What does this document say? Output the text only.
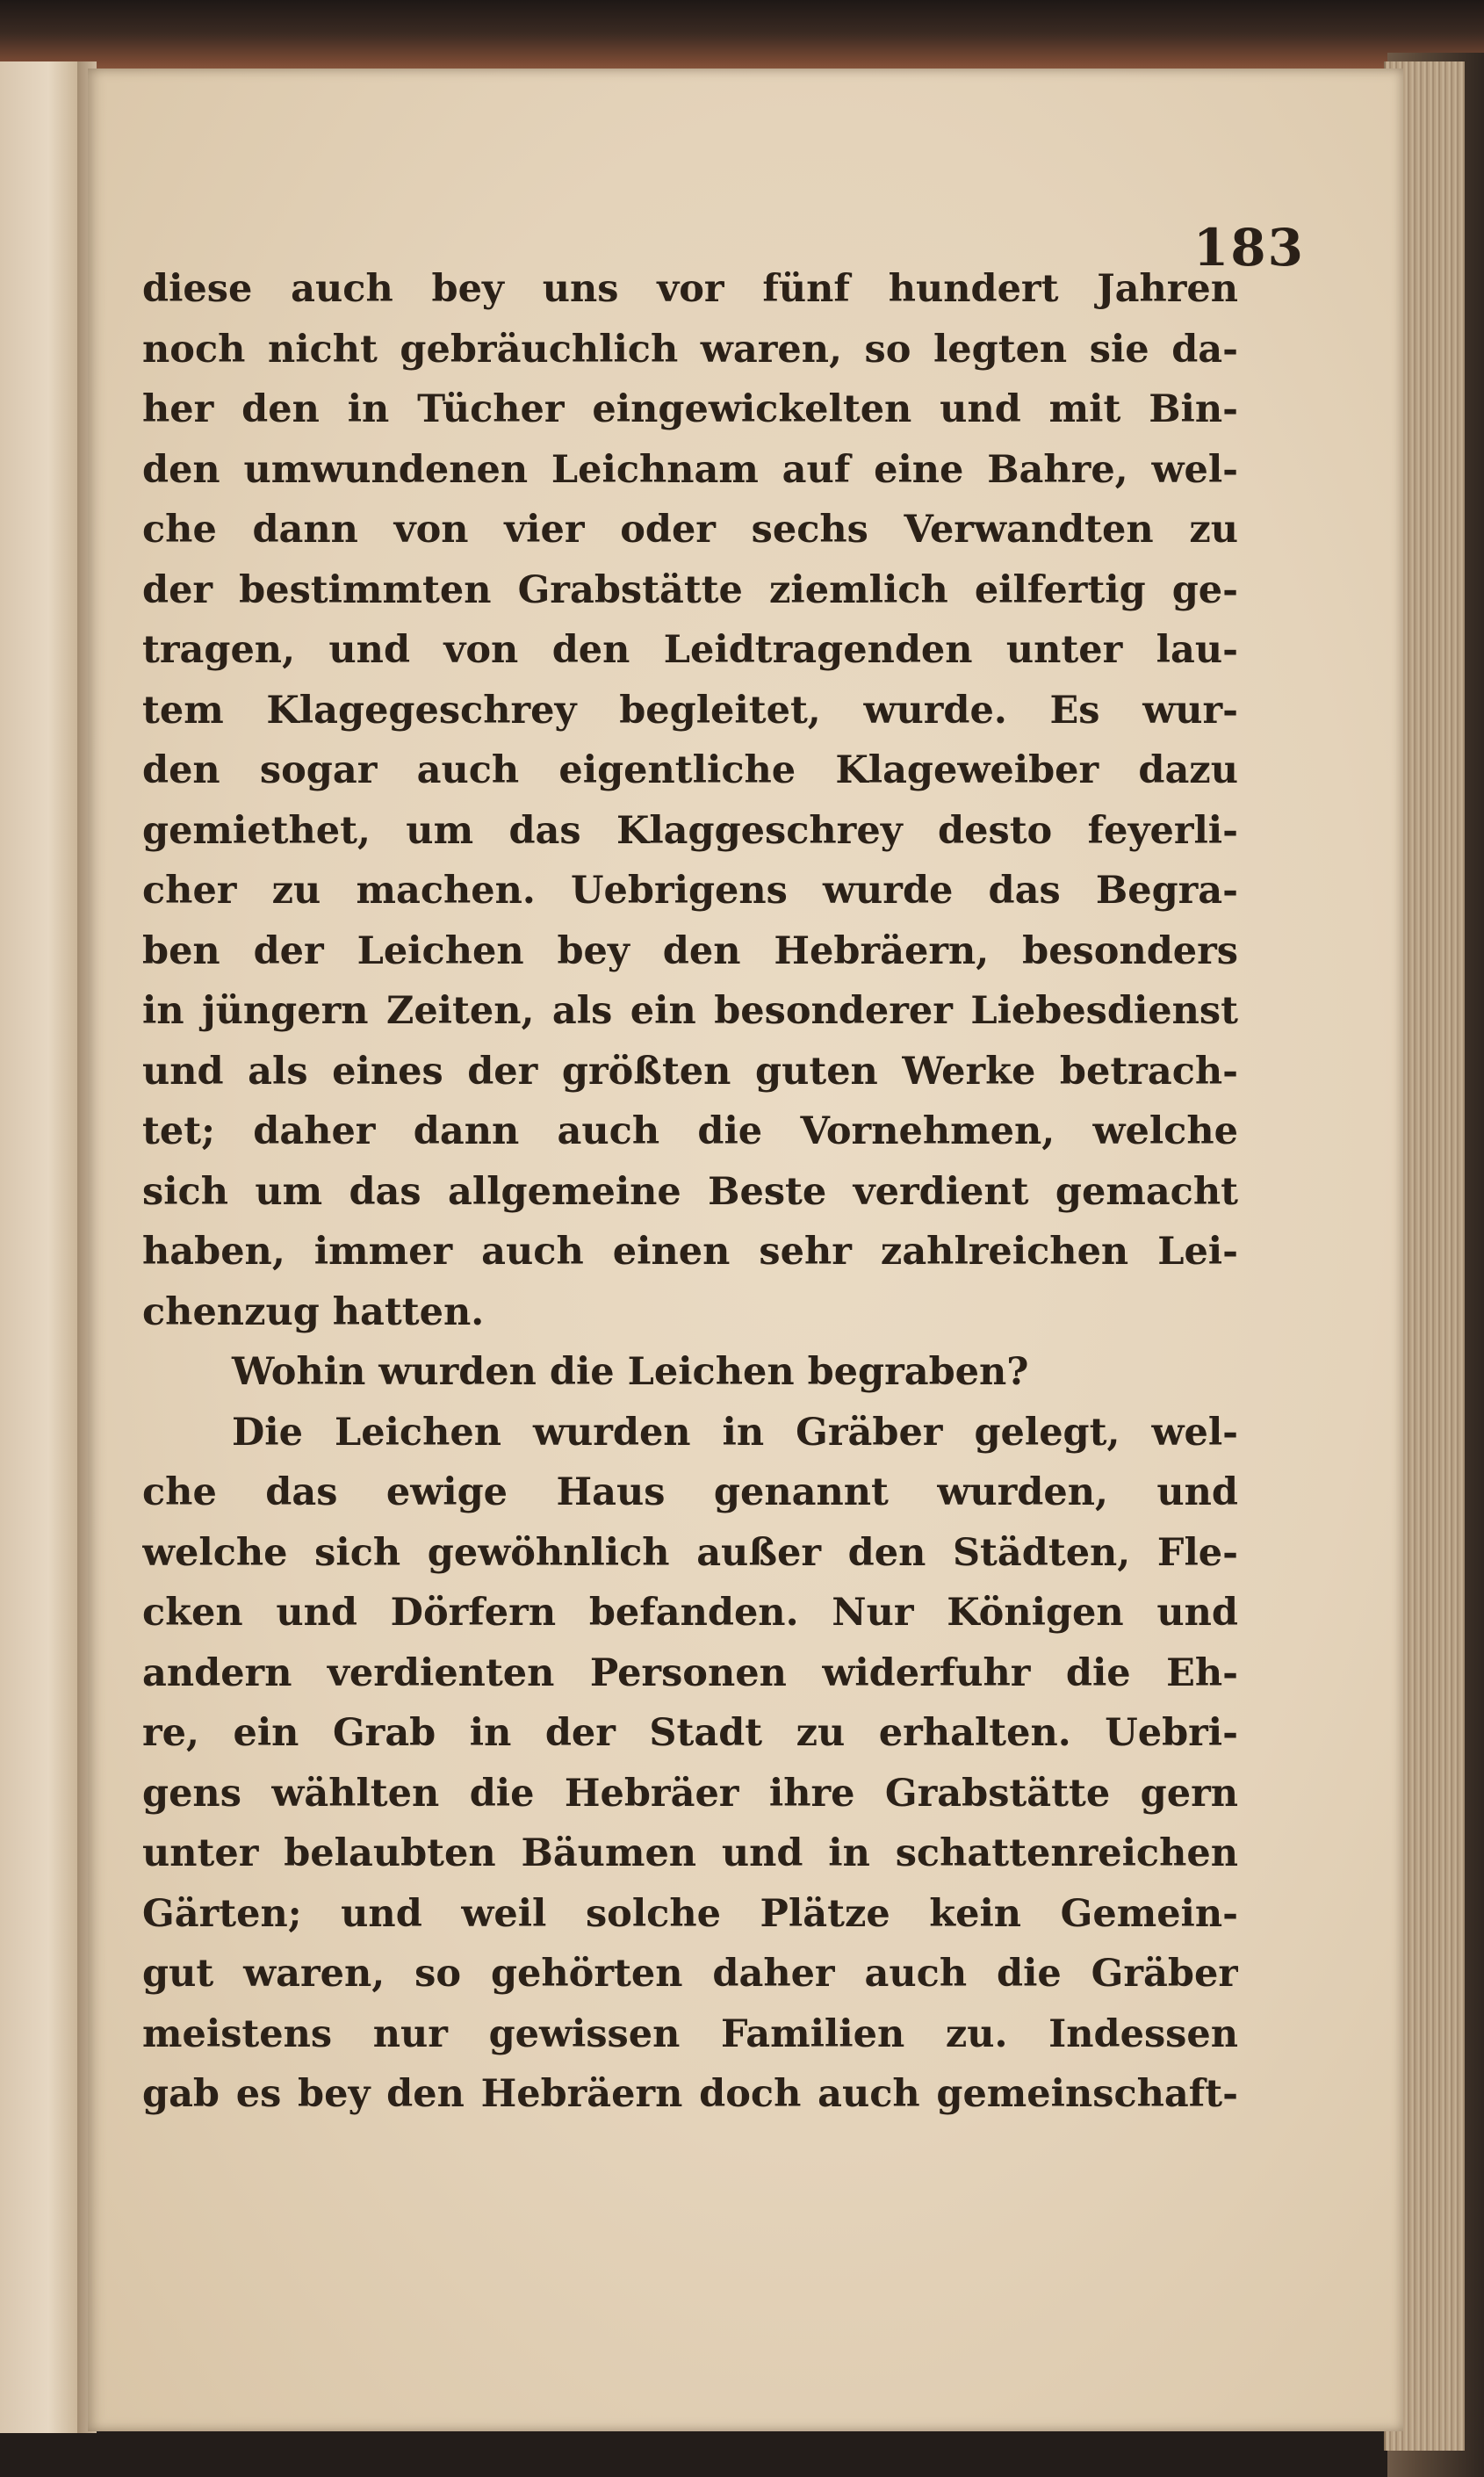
183
diese auch bey uns vor fünf hundert Jahren
noch nicht gebräuchlich waren, so legten sie da-
her den in Tücher eingewickelten und mit Bin-
den umwundenen Leichnam auf eine Bahre, wel-
che dann von vier oder sechs Verwandten zu
der bestimmten Grabstätte ziemlich eilfertig ge-
tragen, und von den Leidtragenden unter lau-
tem Klagegeschrey begleitet, wurde. Es wur-
den sogar auch eigentliche Klageweiber dazu
gemiethet, um das Klaggeschrey desto feyerli-
cher zu machen. Uebrigens wurde das Begra-
ben der Leichen bey den Hebräern, besonders
in jüngern Zeiten, als ein besonderer Liebesdienst
und als eines der größten guten Werke betrach-
tet; daher dann auch die Vornehmen, welche
sich um das allgemeine Beste verdient gemacht
haben, immer auch einen sehr zahlreichen Lei-
chenzug hatten.
Wohin wurden die Leichen begraben?
Die Leichen wurden in Gräber gelegt, wel-
che das ewige Haus genannt wurden, und
welche sich gewöhnlich außer den Städten, Fle-
cken und Dörfern befanden. Nur Königen und
andern verdienten Personen widerfuhr die Eh-
re, ein Grab in der Stadt zu erhalten. Uebri-
gens wählten die Hebräer ihre Grabstätte gern
unter belaubten Bäumen und in schattenreichen
Gärten; und weil solche Plätze kein Gemein-
gut waren, so gehörten daher auch die Gräber
meistens nur gewissen Familien zu. Indessen
gab es bey den Hebräern doch auch gemeinschaft-
